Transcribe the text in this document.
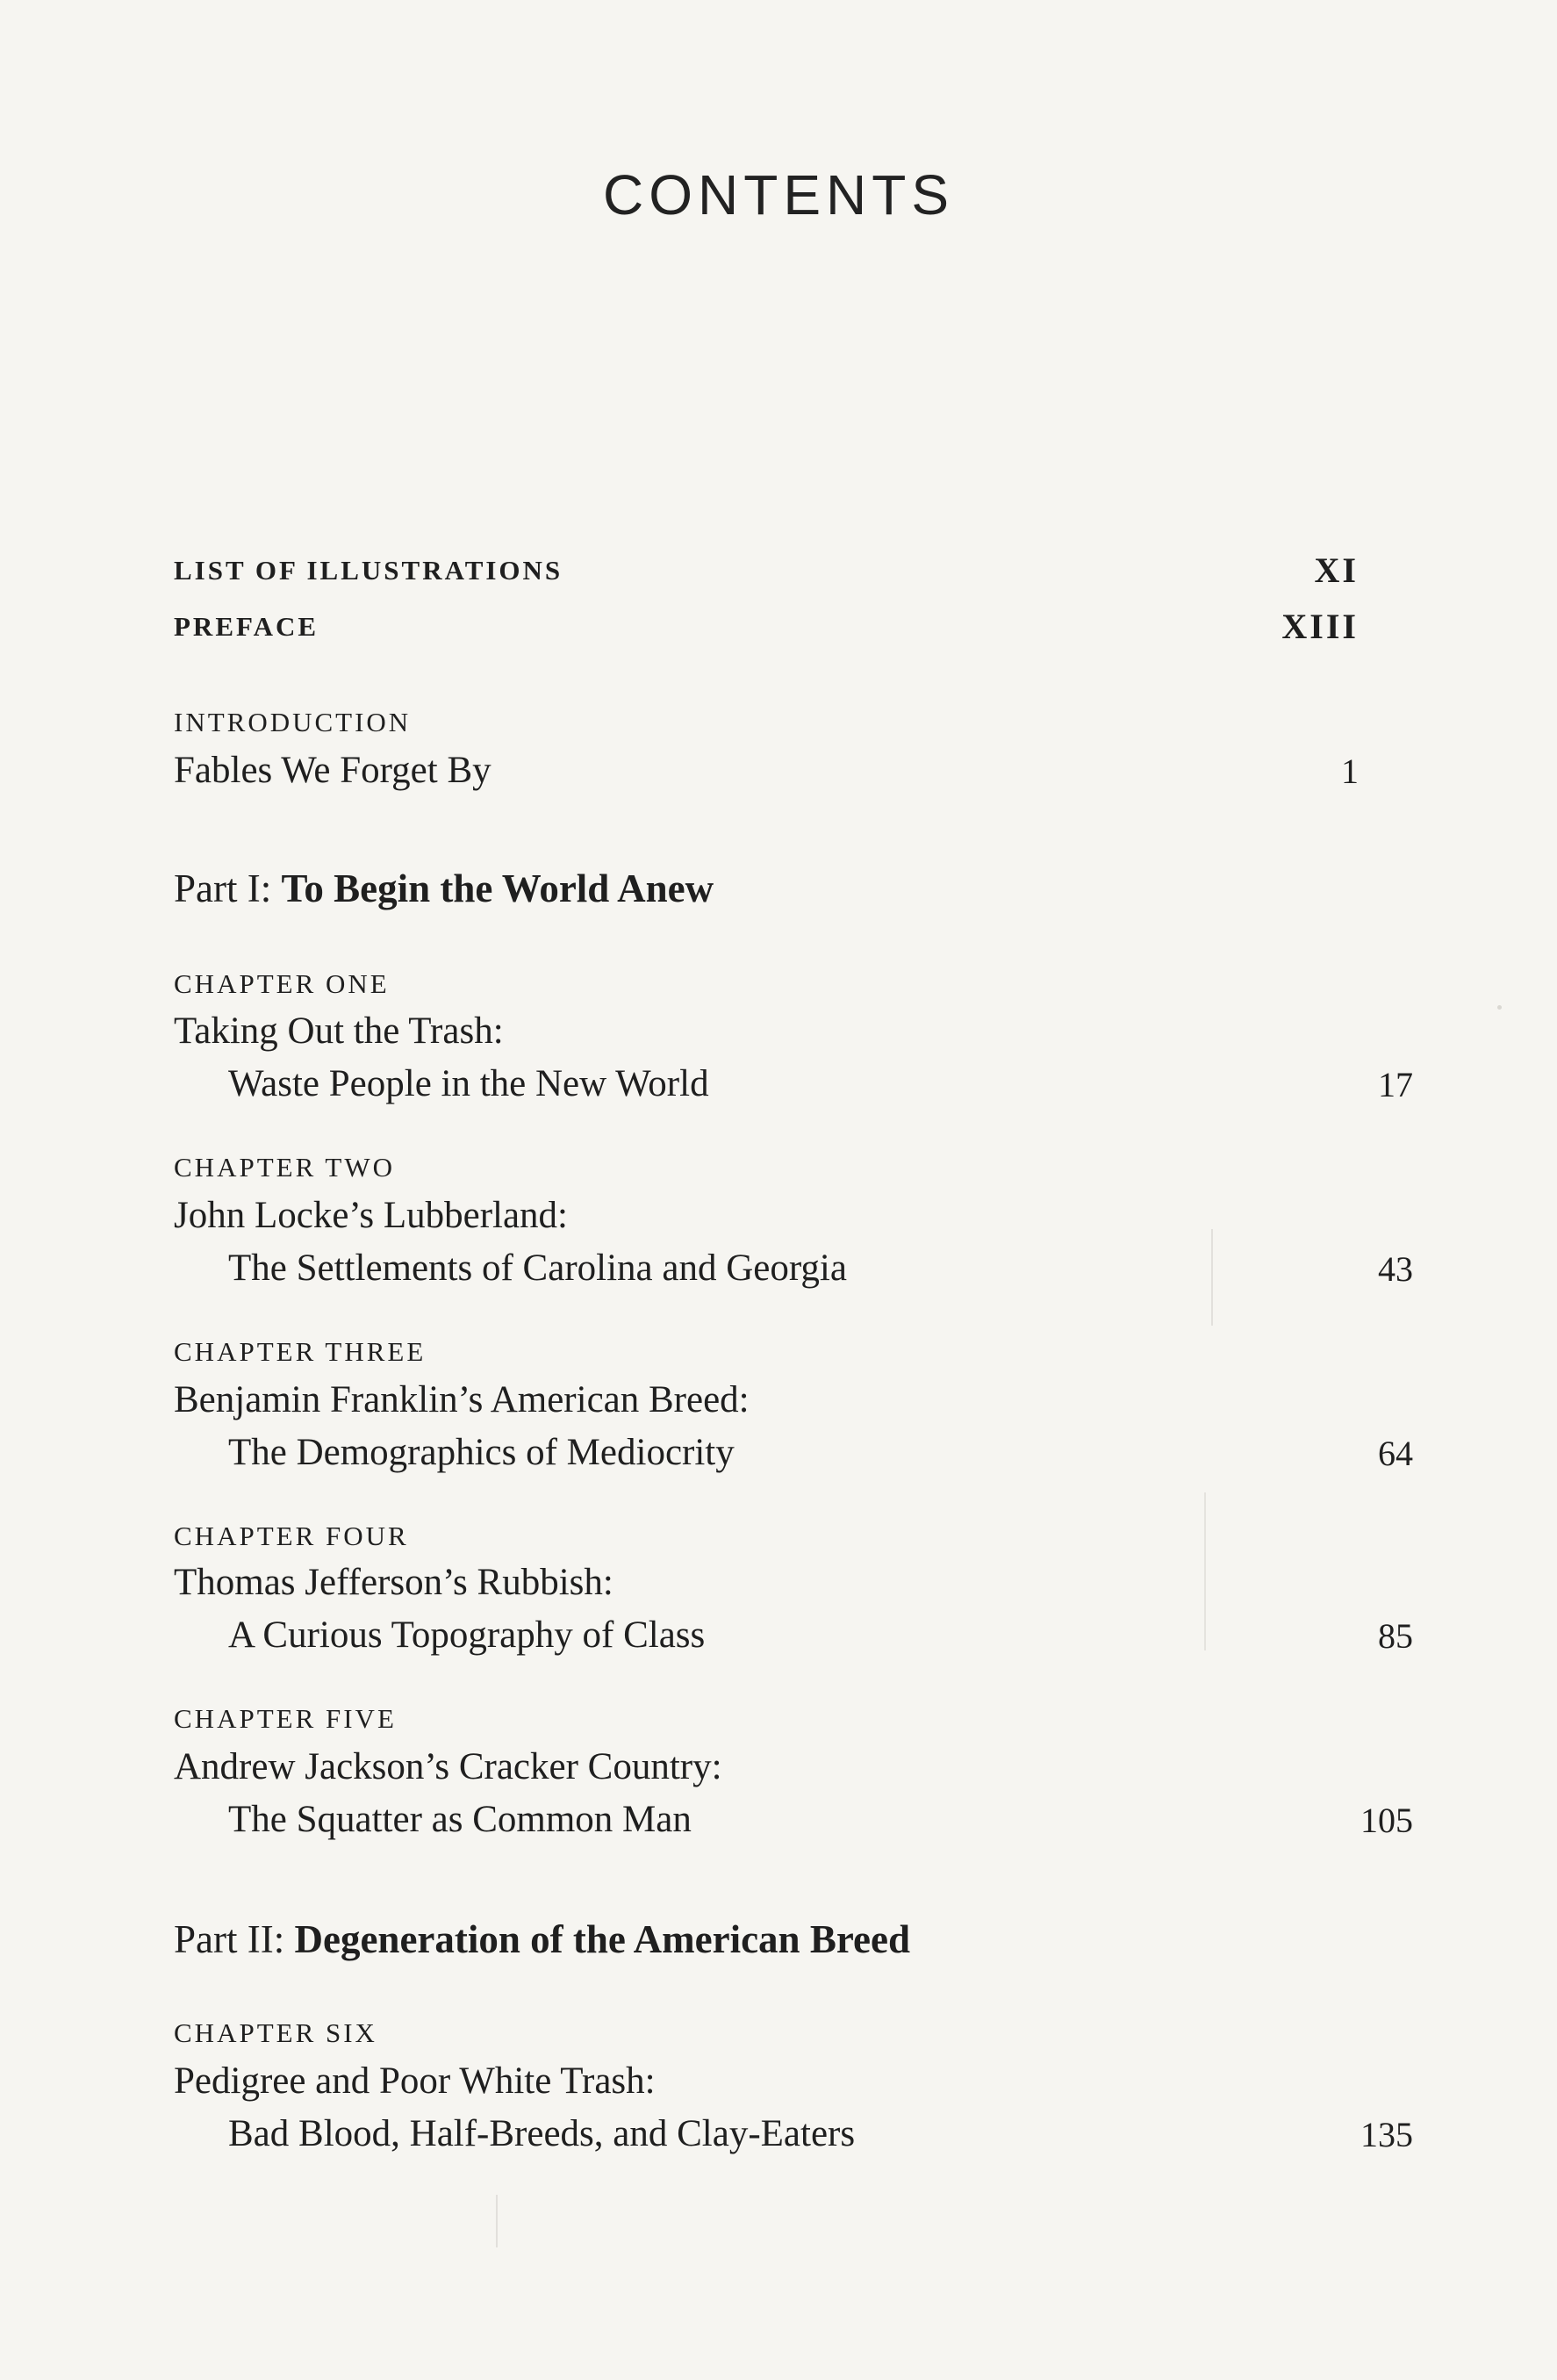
CONTENTS
LIST OF ILLUSTRATIONS	XI
PREFACE	XIII
INTRODUCTION
Fables We Forget By	1
Part I: To Begin the World Anew
CHAPTER ONE
Taking Out the Trash:
Waste People in the New World	17
CHAPTER TWO
John Locke’s Lubberland:
The Settlements of Carolina and Georgia	43
CHAPTER THREE
Benjamin Franklin’s American Breed:
The Demographics of Mediocrity	64
CHAPTER FOUR
Thomas Jefferson’s Rubbish:
A Curious Topography of Class	85
CHAPTER FIVE
Andrew Jackson’s Cracker Country:
The Squatter as Common Man	105
Part II: Degeneration of the American Breed
CHAPTER SIX
Pedigree and Poor White Trash:
Bad Blood, Half-Breeds, and Clay-Eaters	135
